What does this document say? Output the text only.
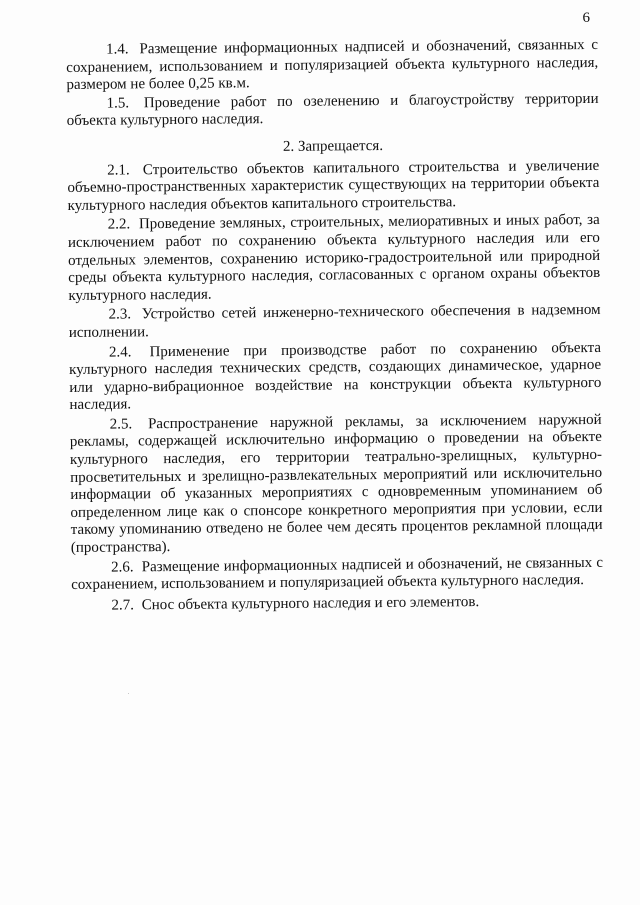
6

1.4. Размещение информационных надписей и обозначений, связанных с сохранением, использованием и популяризацией объекта культурного наследия, размером не более 0,25 кв.м.

1.5. Проведение работ по озеленению и благоустройству территории объекта культурного наследия.

2. Запрещается.

2.1. Строительство объектов капитального строительства и увеличение объемно-пространственных характеристик существующих на территории объекта культурного наследия объектов капитального строительства.

2.2. Проведение земляных, строительных, мелиоративных и иных работ, за исключением работ по сохранению объекта культурного наследия или его отдельных элементов, сохранению историко-градостроительной или природной среды объекта культурного наследия, согласованных с органом охраны объектов культурного наследия.

2.3. Устройство сетей инженерно-технического обеспечения в надземном исполнении.

2.4. Применение при производстве работ по сохранению объекта культурного наследия технических средств, создающих динамическое, ударное или ударно-вибрационное воздействие на конструкции объекта культурного наследия.

2.5. Распространение наружной рекламы, за исключением наружной рекламы, содержащей исключительно информацию о проведении на объекте культурного наследия, его территории театрально-зрелищных, культурно-просветительных и зрелищно-развлекательных мероприятий или исключительно информации об указанных мероприятиях с одновременным упоминанием об определенном лице как о спонсоре конкретного мероприятия при условии, если такому упоминанию отведено не более чем десять процентов рекламной площади (пространства).

2.6. Размещение информационных надписей и обозначений, не связанных с сохранением, использованием и популяризацией объекта культурного наследия.

2.7. Снос объекта культурного наследия и его элементов.
